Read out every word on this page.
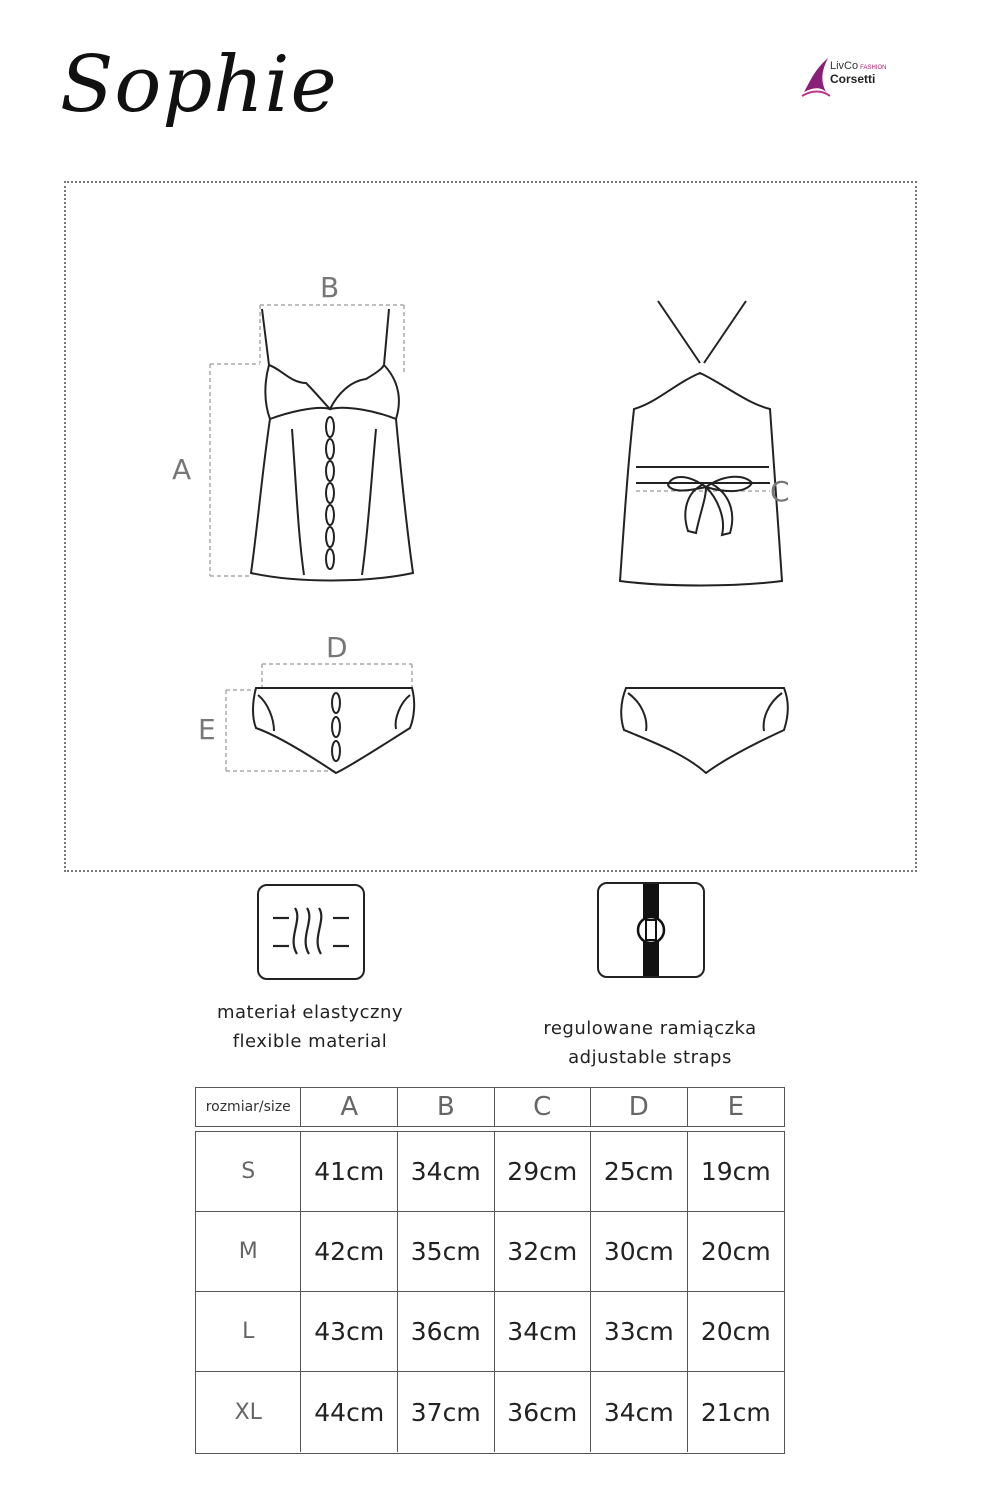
Sophie	LivCo FASHION
Corsetti
B
A
C
D
E
materiał elastyczny
flexible material
regulowane ramiączka
adjustable straps
rozmiar/size	A	B	C	D	E
S	41cm	34cm	29cm	25cm	19cm
M	42cm	35cm	32cm	30cm	20cm
L	43cm	36cm	34cm	33cm	20cm
XL	44cm	37cm	36cm	34cm	21cm
